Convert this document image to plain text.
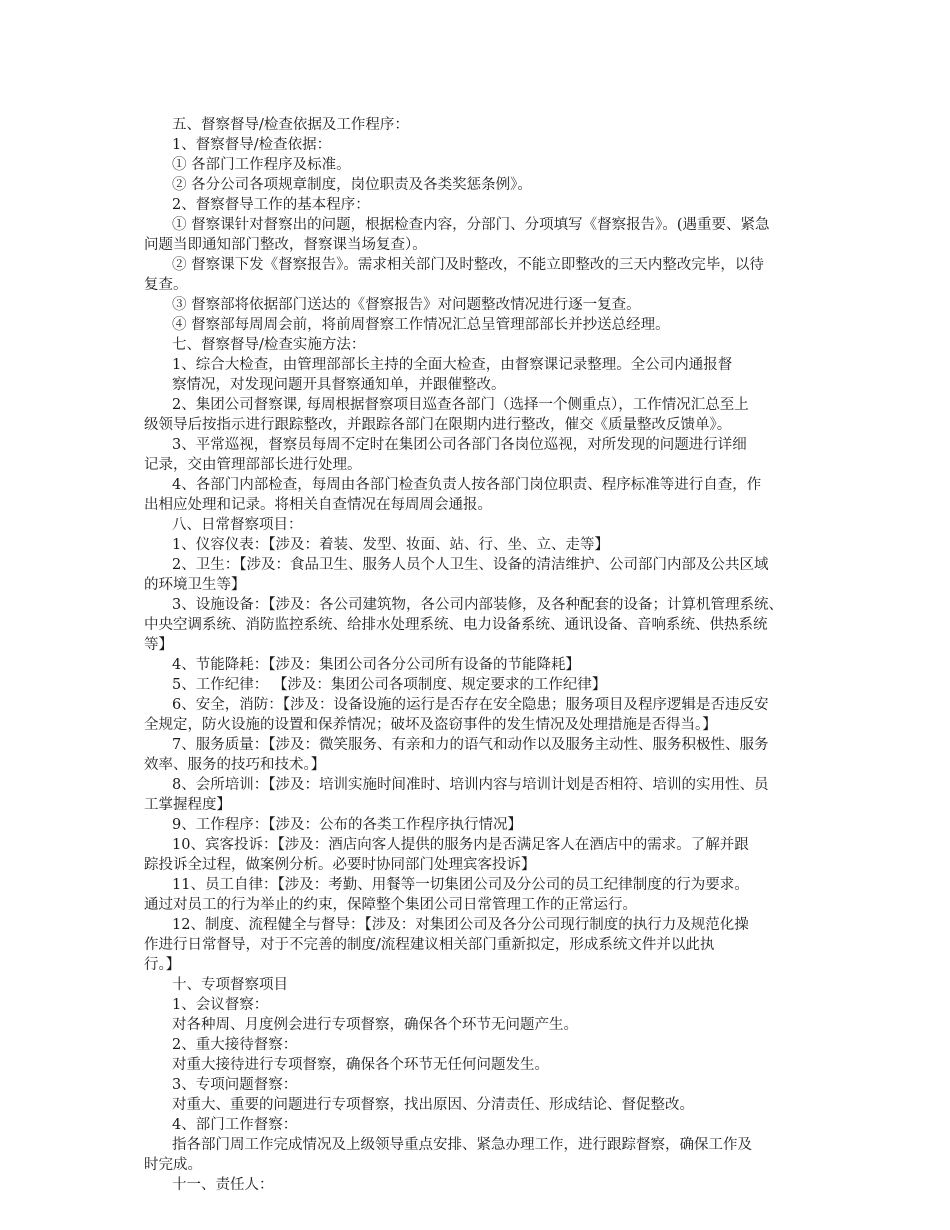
五、督察督导/检查依据及工作程序：
1、督察督导/检查依据：
① 各部门工作程序及标准。
② 各分公司各项规章制度，岗位职责及各类奖惩条例》。
2、督察督导工作的基本程序：
① 督察课针对督察出的问题，根据检查内容，分部门、分项填写《督察报告》。(遇重要、紧急
问题当即通知部门整改，督察课当场复查）。
② 督察课下发《督察报告》。需求相关部门及时整改，不能立即整改的三天内整改完毕，以待
复查。
③ 督察部将依据部门送达的《督察报告》对问题整改情况进行逐一复查。
④ 督察部每周周会前，将前周督察工作情况汇总呈管理部部长并抄送总经理。
七、督察督导/检查实施方法：
1、综合大检查，由管理部部长主持的全面大检查，由督察课记录整理。全公司内通报督
察情况，对发现问题开具督察通知单，并跟催整改。
2、集团公司督察课, 每周根据督察项目巡查各部门（选择一个侧重点），工作情况汇总至上
级领导后按指示进行跟踪整改，并跟踪各部门在限期内进行整改，催交《质量整改反馈单》。
3、平常巡视，督察员每周不定时在集团公司各部门各岗位巡视，对所发现的问题进行详细
记录，交由管理部部长进行处理。
4、各部门内部检查，每周由各部门检查负责人按各部门岗位职责、程序标准等进行自查，作
出相应处理和记录。将相关自查情况在每周周会通报。
八、日常督察项目：
1、仪容仪表：【涉及：着装、发型、妆面、站、行、坐、立、走等】
2、卫生：【涉及：食品卫生、服务人员个人卫生、设备的清洁维护、公司部门内部及公共区域
的环境卫生等】
3、设施设备：【涉及：各公司建筑物，各公司内部装修，及各种配套的设备；计算机管理系统、
中央空调系统、消防监控系统、给排水处理系统、电力设备系统、通讯设备、音响系统、供热系统
等】
4、节能降耗：【涉及：集团公司各分公司所有设备的节能降耗】
5、工作纪律： 【涉及：集团公司各项制度、规定要求的工作纪律】
6、安全，消防：【涉及：设备设施的运行是否存在安全隐患；服务项目及程序逻辑是否违反安
全规定，防火设施的设置和保养情况；破坏及盗窃事件的发生情况及处理措施是否得当。】
7、服务质量：【涉及：微笑服务、有亲和力的语气和动作以及服务主动性、服务积极性、服务
效率、服务的技巧和技术。】
8、会所培训：【涉及：培训实施时间准时、培训内容与培训计划是否相符、培训的实用性、员
工掌握程度】
9、工作程序：【涉及：公布的各类工作程序执行情况】
10、宾客投诉：【涉及：酒店向客人提供的服务内是否满足客人在酒店中的需求。了解并跟
踪投诉全过程，做案例分析。必要时协同部门处理宾客投诉】
11、员工自律：【涉及：考勤、用餐等一切集团公司及分公司的员工纪律制度的行为要求。
通过对员工的行为举止的约束，保障整个集团公司日常管理工作的正常运行。
12、制度、流程健全与督导：【涉及：对集团公司及各分公司现行制度的执行力及规范化操
作进行日常督导，对于不完善的制度/流程建议相关部门重新拟定，形成系统文件并以此执
行。】
十、专项督察项目
1、会议督察：
对各种周、月度例会进行专项督察，确保各个环节无问题产生。
2、重大接待督察：
对重大接待进行专项督察，确保各个环节无任何问题发生。
3、专项问题督察：
对重大、重要的问题进行专项督察，找出原因、分清责任、形成结论、督促整改。
4、部门工作督察：
指各部门周工作完成情况及上级领导重点安排、紧急办理工作，进行跟踪督察，确保工作及
时完成。
十一、责任人：
